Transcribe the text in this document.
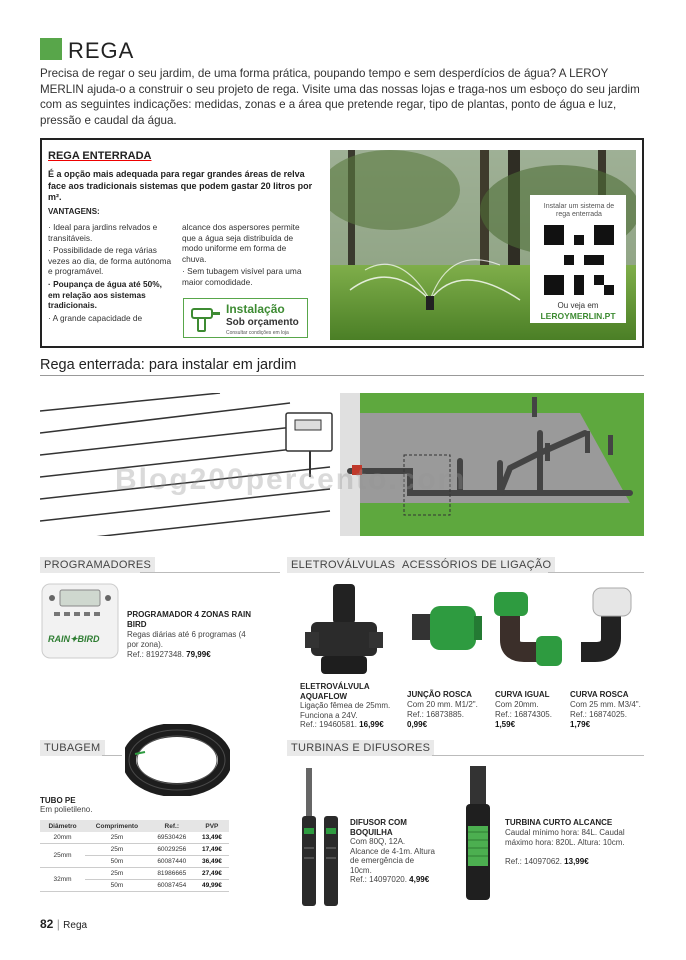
REGA
Precisa de regar o seu jardim, de uma forma prática, poupando tempo e sem desperdícios de água? A LEROY MERLIN ajuda-o a construir o seu projeto de rega. Visite uma das nossas lojas e traga-nos um esboço do seu jardim com as seguintes indicações: medidas, zonas e a área que pretende regar, tipo de plantas, ponto de água e luz, pressão e caudal da água.
REGA ENTERRADA
É a opção mais adequada para regar grandes áreas de relva face aos tradicionais sistemas que podem gastar 20 litros por m².
VANTAGENS:

· Ideal para jardins relvados e transitáveis.

· Possibilidade de rega várias vezes ao dia, de forma autónoma e programável.

· Poupança de água até 50%, em relação aos sistemas tradicionais.

· A grande capacidade de

alcance dos aspersores permite que a água seja distribuída de modo uniforme em forma de chuva.

· Sem tubagem visível para uma maior comodidade.

Instalação
Sob orçamento
Consultar condições em loja
Instalar um sistema de rega enterrada
Ou veja em
LEROYMERLIN.PT
Rega enterrada: para instalar em jardim
Blog200percento.com
PROGRAMADORES	ELETROVÁLVULAS ACESSÓRIOS DE LIGAÇÃO
RAIN✦BIRD
PROGRAMADOR 4 ZONAS RAIN BIRD
Regas diárias até 6 programas (4 por zona).
Ref.: 81927348. 79,99€
ELETROVÁLVULA AQUAFLOW
Ligação fêmea de 25mm. Funciona a 24V.
Ref.: 19460581. 16,99€
JUNÇÃO ROSCA
Com 20 mm. M1/2".
Ref.: 16873885.
0,99€
CURVA IGUAL
Com 20mm.
Ref.: 16874305.
1,59€
CURVA ROSCA
Com 25 mm. M3/4".
Ref.: 16874025.
1,79€
TUBAGEM
TUBO PE
Em polietileno.
Diâmetro	Comprimento	Ref.:	PVP
20mm	25m	69530426	13,49€
25mm	25m	60029256	17,49€
	50m	60087440	36,49€
32mm	25m	81986665	27,49€
	50m	60087454	49,99€
TURBINAS E DIFUSORES
DIFUSOR COM BOQUILHA
Com 80Q, 12A. Alcance de 4-1m. Altura de emergência de 10cm.
Ref.: 14097020. 4,99€
TURBINA CURTO ALCANCE
Caudal mínimo hora: 84L. Caudal máximo hora: 820L. Altura: 10cm.
Ref.: 14097062. 13,99€
82 | Rega
